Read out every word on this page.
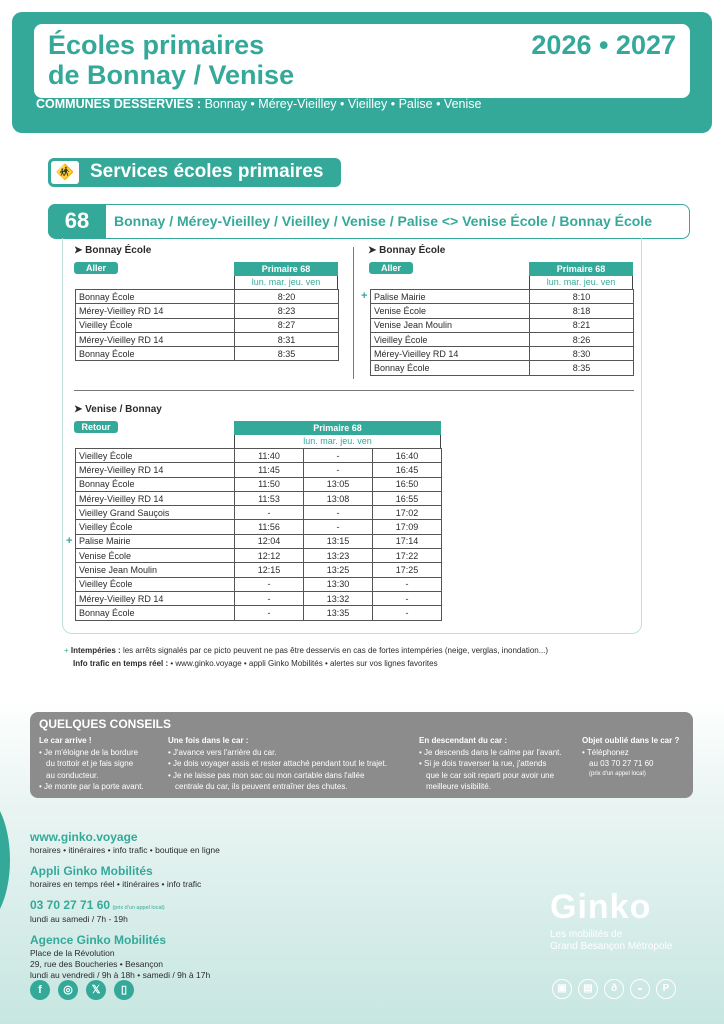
Écoles primaires
de Bonnay / Venise
2026 • 2027
COMMUNES DESSERVIES : Bonnay • Mérey-Vieilley • Vieilley • Palise • Venise
🚸 Services écoles primaires
68	Bonnay / Mérey-Vieilley / Vieilley / Venise / Palise <> Venise École / Bonnay École
➤ Bonnay École
Aller	Primaire 68
lun. mar. jeu. ven
Bonnay École	8:20
Mérey-Vieilley RD 14	8:23
Vieilley École	8:27
Mérey-Vieilley RD 14	8:31
Bonnay École	8:35
➤ Bonnay École
Aller	Primaire 68
lun. mar. jeu. ven
+ Palise Mairie	8:10
Venise École	8:18
Venise Jean Moulin	8:21
Vieilley École	8:26
Mérey-Vieilley RD 14	8:30
Bonnay École	8:35
➤ Venise / Bonnay
Retour	Primaire 68
lun. mar. jeu. ven
+
Vieilley École	11:40	-	16:40
Mérey-Vieilley RD 14	11:45	-	16:45
Bonnay École	11:50	13:05	16:50
Mérey-Vieilley RD 14	11:53	13:08	16:55
Vieilley Grand Sauçois	-	-	17:02
Vieilley École	11:56	-	17:09
Palise Mairie	12:04	13:15	17:14
Venise École	12:12	13:23	17:22
Venise Jean Moulin	12:15	13:25	17:25
Vieilley École	-	13:30	-
Mérey-Vieilley RD 14	-	13:32	-
Bonnay École	-	13:35	-
+ Intempéries : les arrêts signalés par ce picto peuvent ne pas être desservis en cas de fortes intempéries (neige, verglas, inondation...)
Info trafic en temps réel : • www.ginko.voyage • appli Ginko Mobilités • alertes sur vos lignes favorites
QUELQUES CONSEILS
Le car arrive !
• Je m'éloigne de la bordure
du trottoir et je fais signe
au conducteur.
• Je monte par la porte avant.
Une fois dans le car :
• J'avance vers l'arrière du car.
• Je dois voyager assis et rester attaché pendant tout le trajet.
• Je ne laisse pas mon sac ou mon cartable dans l'allée
centrale du car, ils peuvent entraîner des chutes.
En descendant du car :
• Je descends dans le calme par l'avant.
• Si je dois traverser la rue, j'attends
que le car soit reparti pour avoir une
meilleure visibilité.
Objet oublié dans le car ?
• Téléphonez
au 03 70 27 71 60
(prix d'un appel local)
www.ginko.voyage
horaires • itinéraires • info trafic • boutique en ligne
Appli Ginko Mobilités
horaires en temps réel • itinéraires • info trafic
03 70 27 71 60 (prix d'un appel local)
lundi au samedi / 7h - 19h
Agence Ginko Mobilités
Place de la Révolution
29, rue des Boucheries • Besançon
lundi au vendredi / 9h à 18h • samedi / 9h à 17h
Ginko
Les mobilités de
Grand Besançon Métropole
f ◎ 𝕏 ▯	▣ ▤ ð ◒ P
